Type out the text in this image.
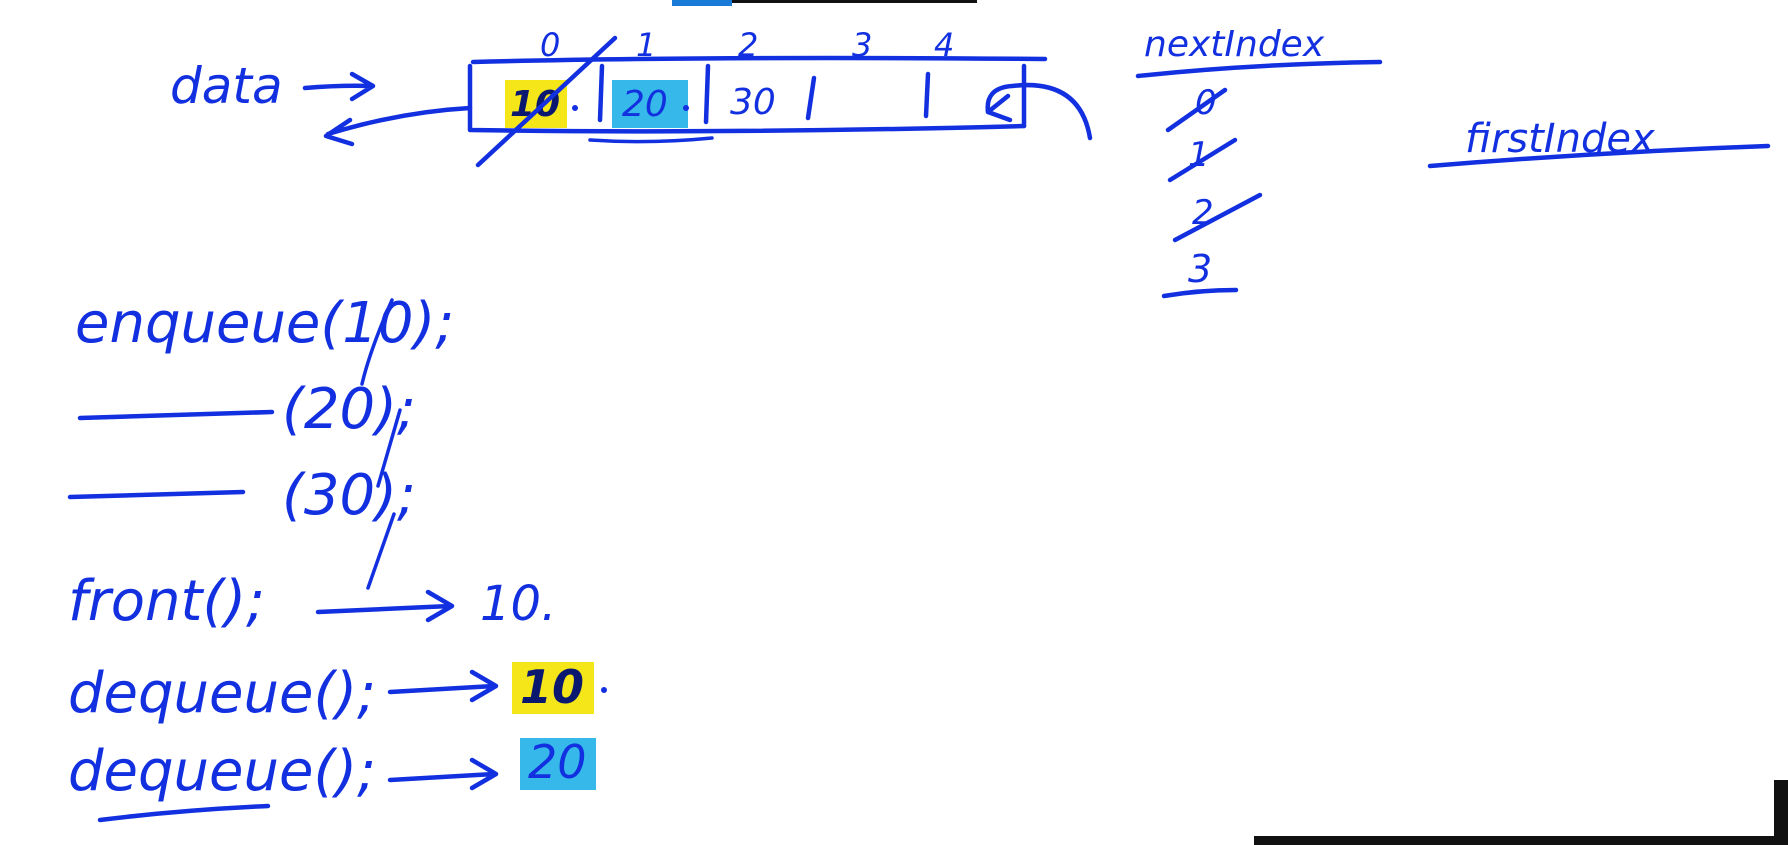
data
0 1	2	3 4
10 20 30
nextIndex
0
1
2
3
firstIndex
enqueue(10);
(20);
(30);
front();	10.
dequeue();	10
dequeue();	20
